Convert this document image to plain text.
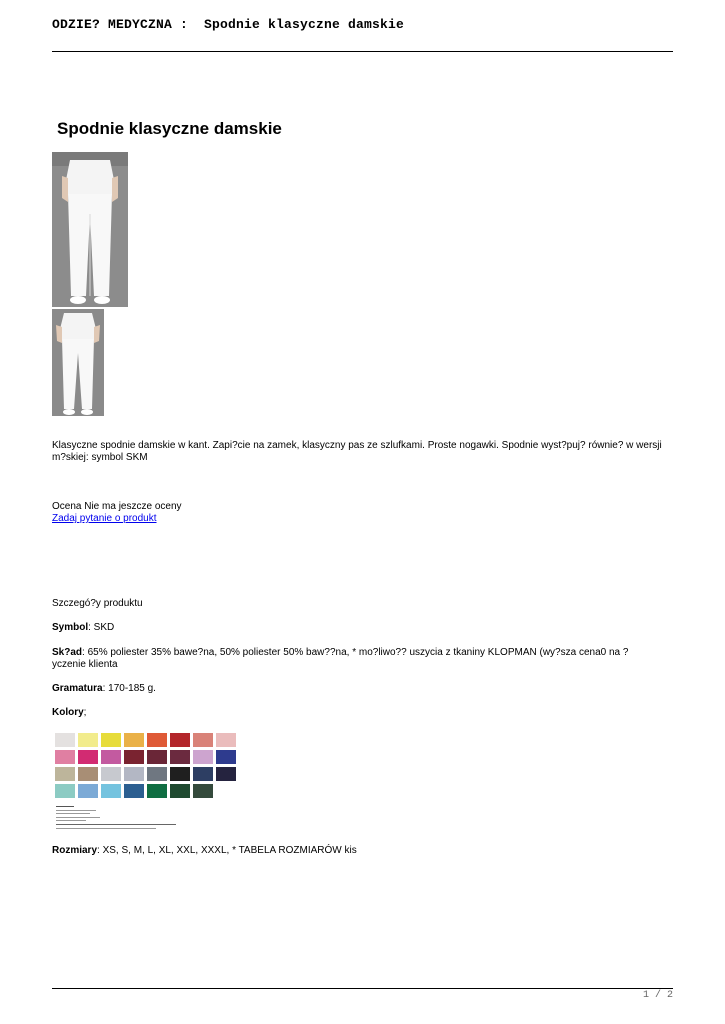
ODZIE? MEDYCZNA :  Spodnie klasyczne damskie
Spodnie klasyczne damskie
Klasyczne spodnie damskie w kant. Zapi?cie na zamek, klasyczny pas ze szlufkami. Proste nogawki. Spodnie wyst?puj? równie? w wersji m?skiej: symbol SKM
Ocena Nie ma jeszcze oceny
Zadaj pytanie o produkt
Szczegó?y produktu
Symbol: SKD
Sk?ad: 65% poliester 35% bawe?na, 50% poliester 50% baw??na, * mo?liwo?? uszycia z tkaniny KLOPMAN (wy?sza cena0 na ?yczenie klienta
Gramatura: 170-185 g.
Kolory;
Rozmiary: XS, S, M, L, XL, XXL, XXXL, * TABELA ROZMIARÓW kis
1 / 2
